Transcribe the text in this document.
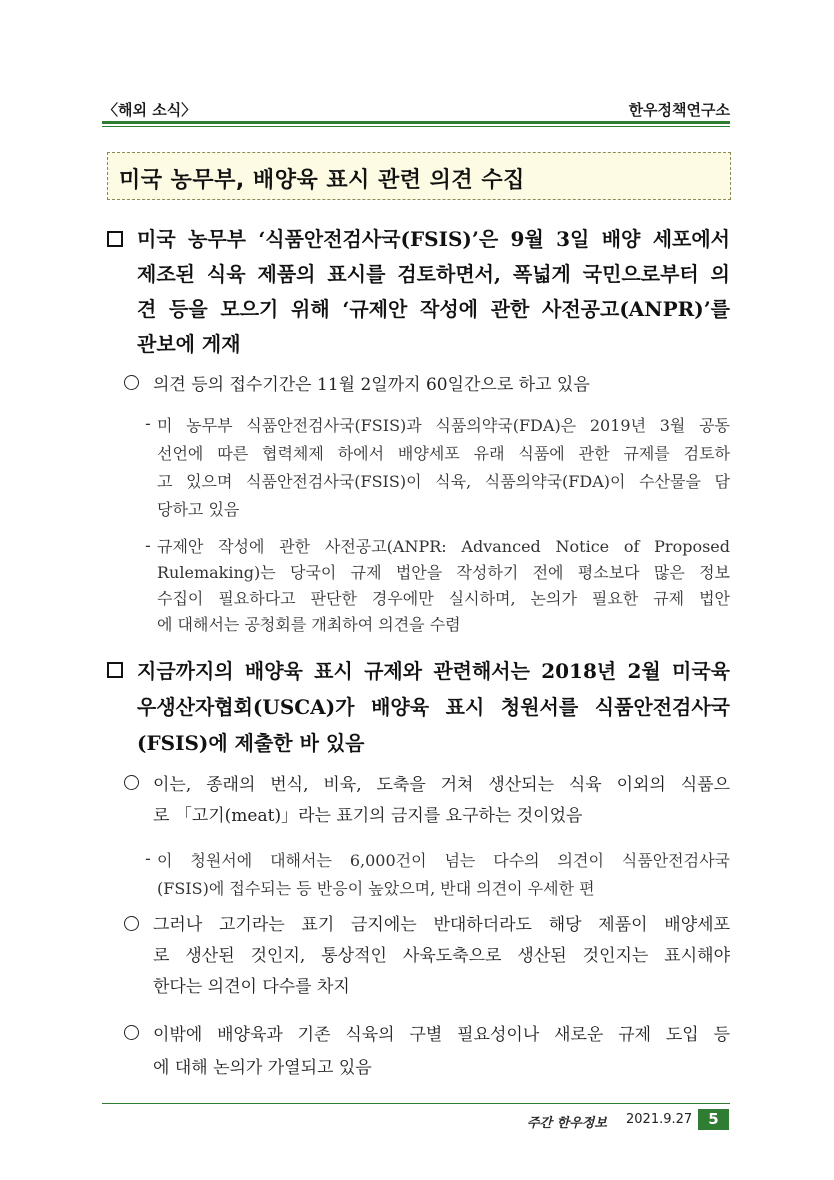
〈해외 소식〉	한우정책연구소
미국 농무부, 배양육 표시 관련 의견 수집
미국 농무부 ‘식품안전검사국(FSIS)’은 9월 3일 배양 세포에서
제조된 식육 제품의 표시를 검토하면서, 폭넓게 국민으로부터 의
견 등을 모으기 위해 ‘규제안 작성에 관한 사전공고(ANPR)’를
관보에 게재
의견 등의 접수기간은 11월 2일까지 60일간으로 하고 있음
- 미 농무부 식품안전검사국(FSIS)과 식품의약국(FDA)은 2019년 3월 공동
선언에 따른 협력체제 하에서 배양세포 유래 식품에 관한 규제를 검토하
고 있으며 식품안전검사국(FSIS)이 식육, 식품의약국(FDA)이 수산물을 담
당하고 있음
- 규제안 작성에 관한 사전공고(ANPR: Advanced Notice of Proposed
Rulemaking)는 당국이 규제 법안을 작성하기 전에 평소보다 많은 정보
수집이 필요하다고 판단한 경우에만 실시하며, 논의가 필요한 규제 법안
에 대해서는 공청회를 개최하여 의견을 수렴
지금까지의 배양육 표시 규제와 관련해서는 2018년 2월 미국육
우생산자협회(USCA)가 배양육 표시 청원서를 식품안전검사국
(FSIS)에 제출한 바 있음
이는, 종래의 번식, 비육, 도축을 거쳐 생산되는 식육 이외의 식품으
로 「고기(meat)」라는 표기의 금지를 요구하는 것이었음
- 이 청원서에 대해서는 6,000건이 넘는 다수의 의견이 식품안전검사국
(FSIS)에 접수되는 등 반응이 높았으며, 반대 의견이 우세한 편
그러나 고기라는 표기 금지에는 반대하더라도 해당 제품이 배양세포
로 생산된 것인지, 통상적인 사육도축으로 생산된 것인지는 표시해야
한다는 의견이 다수를 차지
이밖에 배양육과 기존 식육의 구별 필요성이나 새로운 규제 도입 등
에 대해 논의가 가열되고 있음
주간 한우정보 2021.9.27	5
